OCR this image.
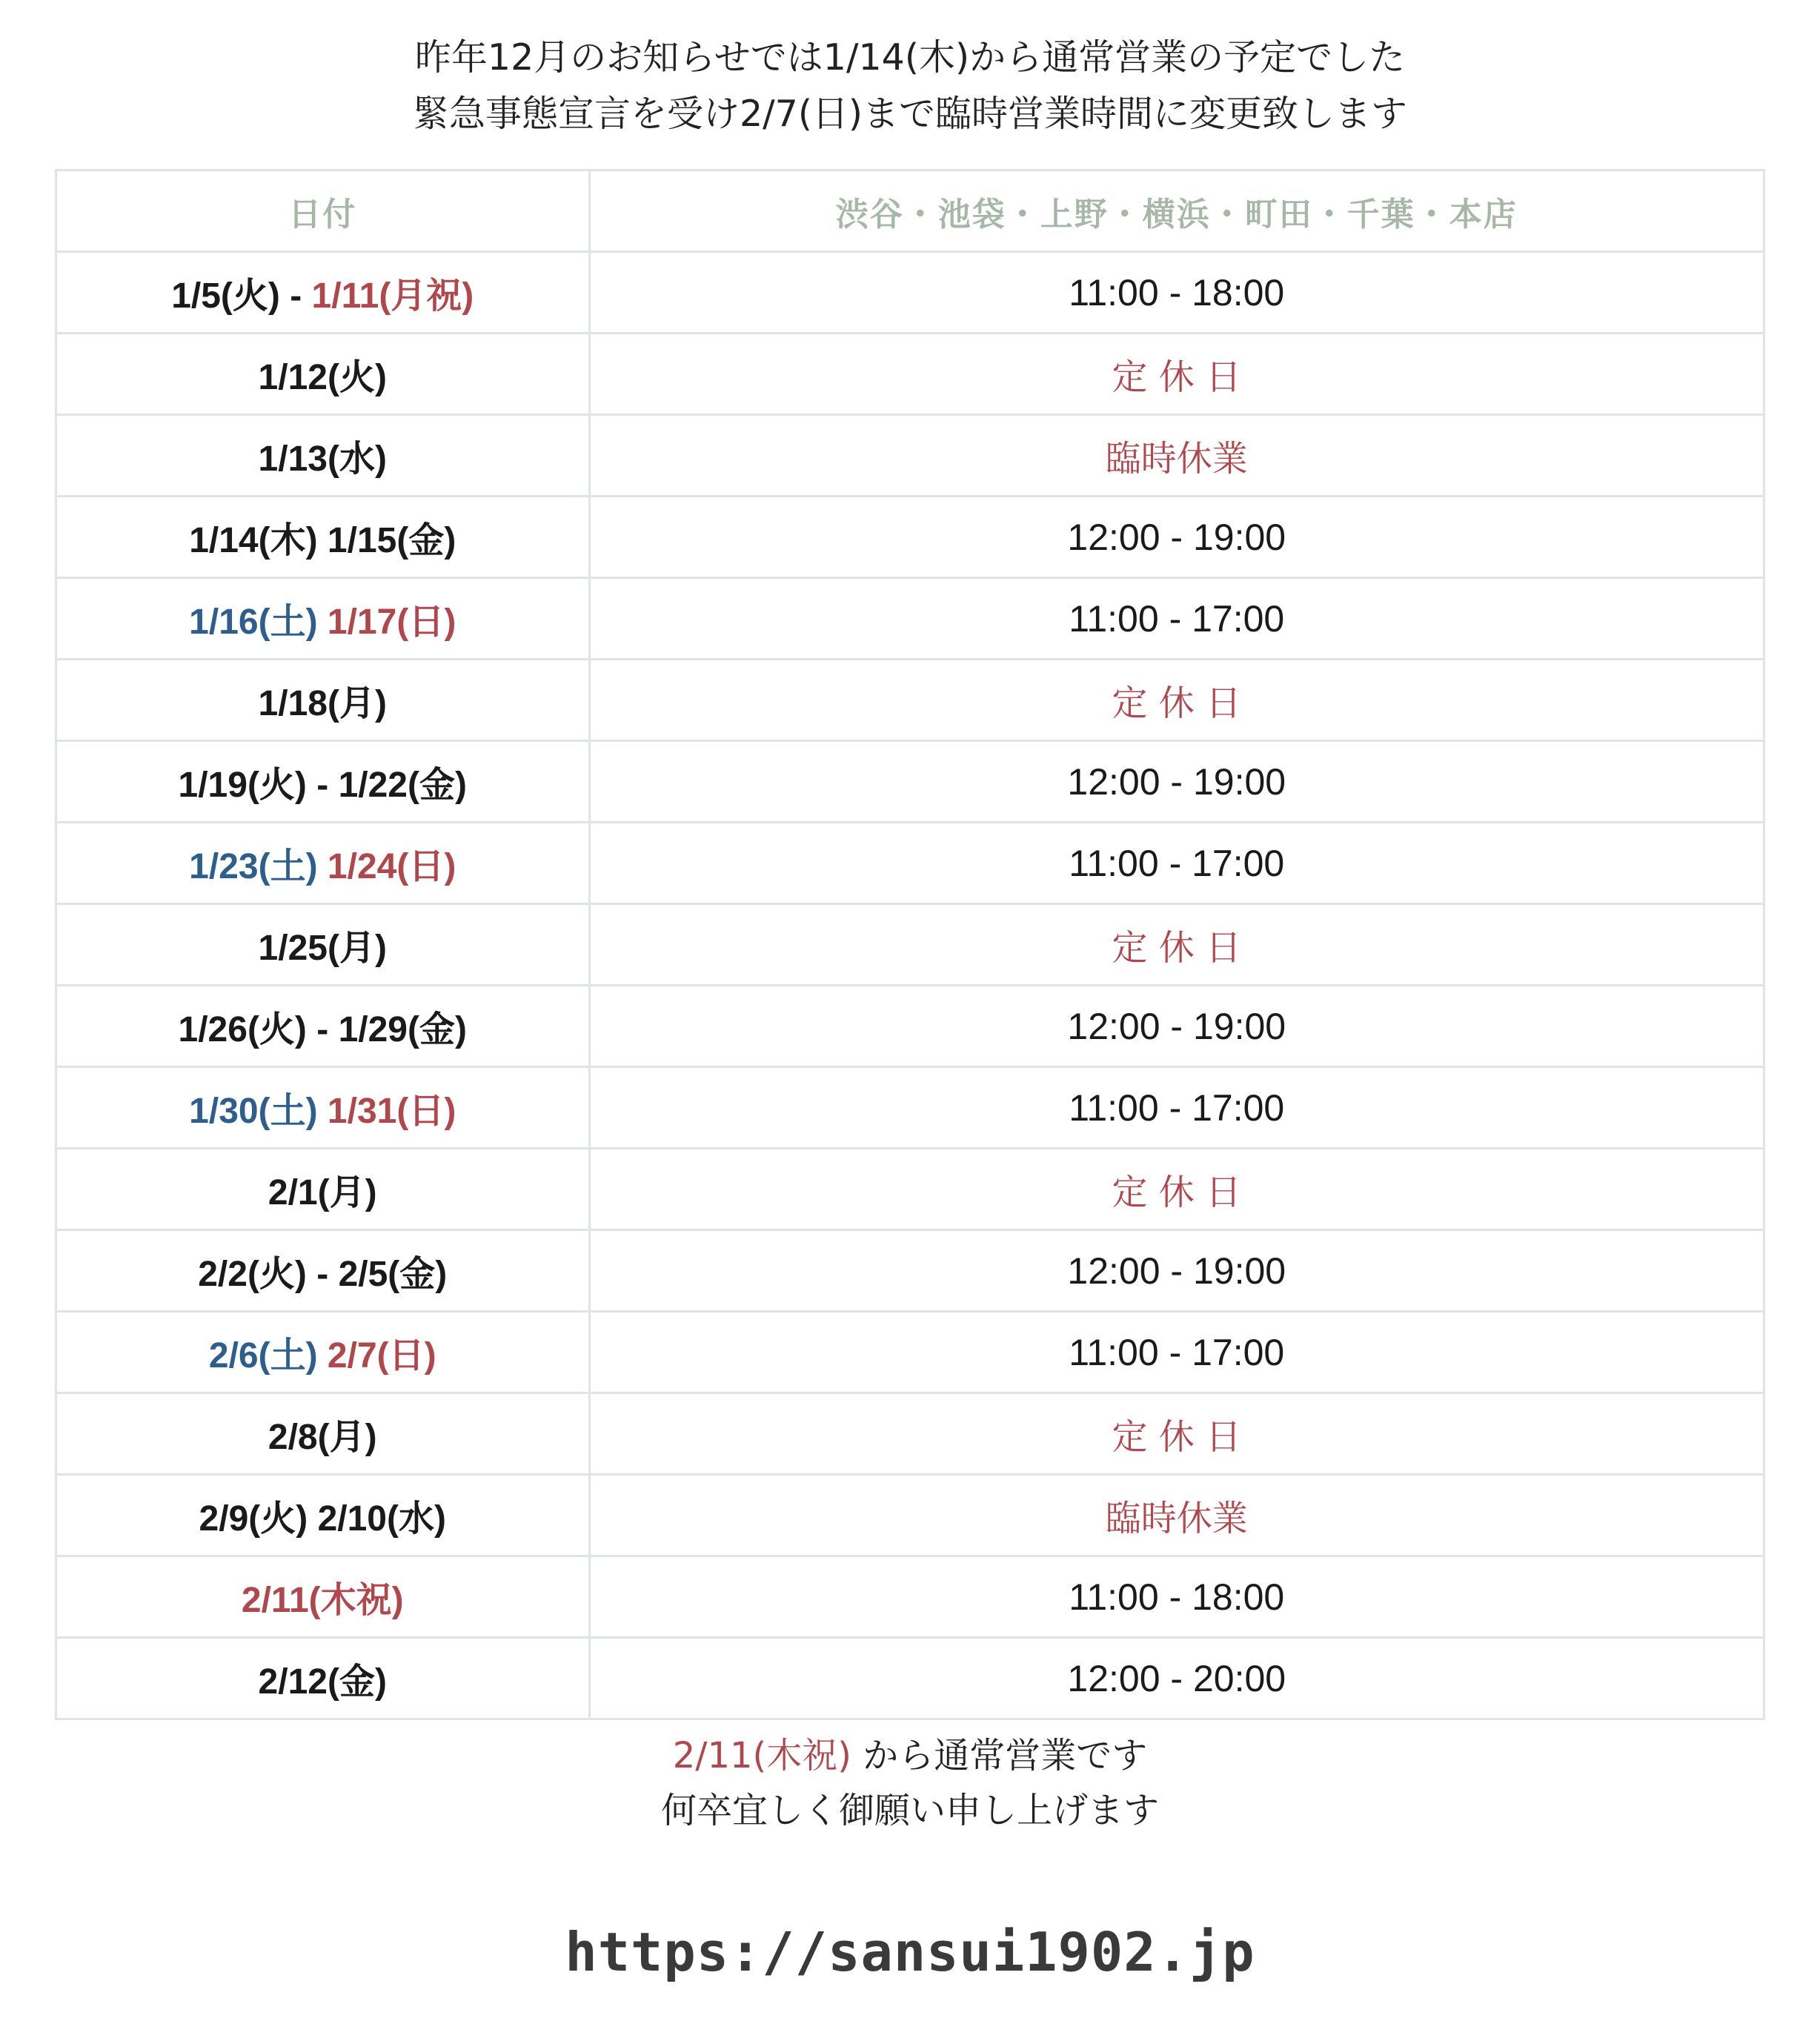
昨年12月のお知らせでは1/14(木)から通常営業の予定でした
緊急事態宣言を受け2/7(日)まで臨時営業時間に変更致します
日付	渋谷・池袋・上野・横浜・町田・千葉・本店
1/5(火) - 1/11(月祝)	11:00 - 18:00
1/12(火)	定 休 日
1/13(水)	臨時休業
1/14(木) 1/15(金)	12:00 - 19:00
1/16(土) 1/17(日)	11:00 - 17:00
1/18(月)	定 休 日
1/19(火) - 1/22(金)	12:00 - 19:00
1/23(土) 1/24(日)	11:00 - 17:00
1/25(月)	定 休 日
1/26(火) - 1/29(金)	12:00 - 19:00
1/30(土) 1/31(日)	11:00 - 17:00
2/1(月)	定 休 日
2/2(火) - 2/5(金)	12:00 - 19:00
2/6(土) 2/7(日)	11:00 - 17:00
2/8(月)	定 休 日
2/9(火) 2/10(水)	臨時休業
2/11(木祝)	11:00 - 18:00
2/12(金)	12:00 - 20:00
2/11(木祝) から通常営業です
何卒宜しく御願い申し上げます
https://sansui1902.jp
